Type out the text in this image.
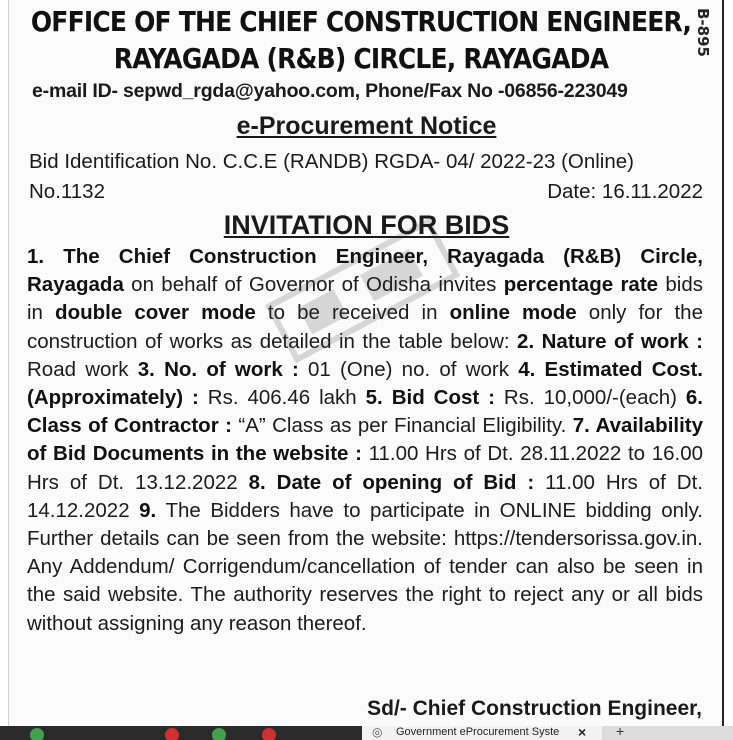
OFFICE OF THE CHIEF CONSTRUCTION ENGINEER,
RAYAGADA (R&B) CIRCLE, RAYAGADA
B-895
e-mail ID- sepwd_rgda@yahoo.com, Phone/Fax No -06856-223049
e-Procurement Notice
Bid Identification No. C.C.E (RANDB) RGDA- 04/ 2022-23 (Online)
No.1132	Date: 16.11.2022
INVITATION FOR BIDS
1. The Chief Construction Engineer, Rayagada (R&B) Circle, Rayagada on behalf of Governor of Odisha invites percentage rate bids in double cover mode to be received in online mode only for the construction of works as detailed in the table below: 2. Nature of work : Road work 3. No. of work : 01 (One) no. of work 4. Estimated Cost. (Approximately) : Rs. 406.46 lakh 5. Bid Cost : Rs. 10,000/-(each) 6. Class of Contractor : “A” Class as per Financial Eligibility. 7. Availability of Bid Documents in the website : 11.00 Hrs of Dt. 28.11.2022 to 16.00 Hrs of Dt. 13.12.2022 8. Date of opening of Bid : 11.00 Hrs of Dt. 14.12.2022 9. The Bidders have to participate in ONLINE bidding only. Further details can be seen from the website: https://tendersorissa.gov.in. Any Addendum/ Corrigendum/cancellation of tender can also be seen in the said website. The authority reserves the right to reject any or all bids without assigning any reason thereof.
Sd/- Chief Construction Engineer,
◎ Government eProcurement Syste	× +
